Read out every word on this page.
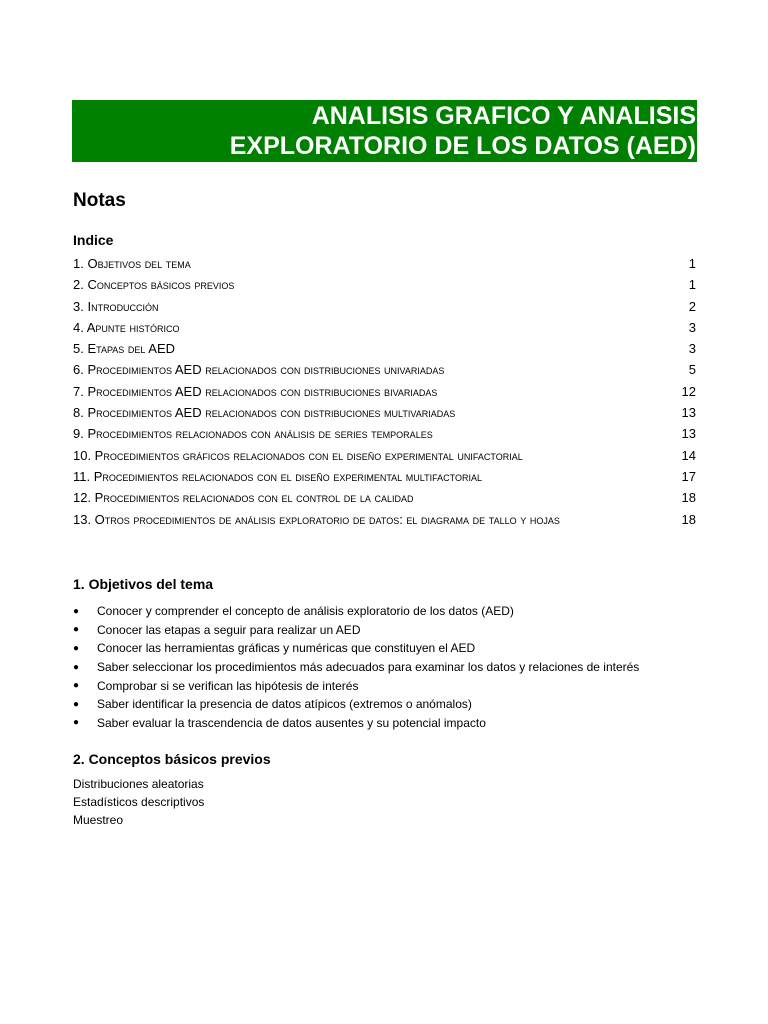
ANALISIS GRAFICO Y ANALISIS
EXPLORATORIO DE LOS DATOS (AED)
Notas
Indice
1. Objetivos del tema	1
2. Conceptos básicos previos	1
3. Introducción	2
4. Apunte histórico	3
5. Etapas del AED	3
6. Procedimientos AED relacionados con distribuciones univariadas	5
7. Procedimientos AED relacionados con distribuciones bivariadas	12
8. Procedimientos AED relacionados con distribuciones multivariadas	13
9. Procedimientos relacionados con análisis de series temporales	13
10. Procedimientos gráficos relacionados con el diseño experimental unifactorial	14
11. Procedimientos relacionados con el diseño experimental multifactorial	17
12. Procedimientos relacionados con el control de la calidad	18
13. Otros procedimientos de análisis exploratorio de datos: el diagrama de tallo y hojas	18
1. Objetivos del tema
●	Conocer y comprender el concepto de análisis exploratorio de los datos (AED)
●	Conocer las etapas a seguir para realizar un AED
●	Conocer las herramientas gráficas y numéricas que constituyen el AED
●	Saber seleccionar los procedimientos más adecuados para examinar los datos y relaciones de interés
●	Comprobar si se verifican las hipótesis de interés
●	Saber identificar la presencia de datos atípicos (extremos o anómalos)
●	Saber evaluar la trascendencia de datos ausentes y su potencial impacto
2. Conceptos básicos previos
Distribuciones aleatorias
Estadísticos descriptivos
Muestreo
